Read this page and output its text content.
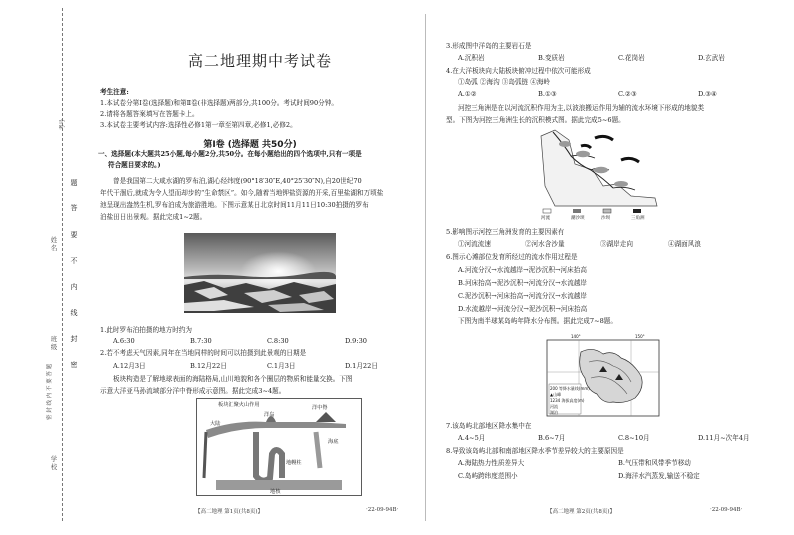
考号
姓名
班级
学校
题
答
要
不
内
线
封
密
密 封 线 内 不 要 答 题
高二地理期中考试卷
考生注意:
1.本试卷分第Ⅰ卷(选择题)和第Ⅱ卷(非选择题)两部分,共100分。考试时间90分钟。
2.请将各题答案填写在答题卡上。
3.本试卷主要考试内容:选择性必修1第一章至第四章,必修1,必修2。
第Ⅰ卷 (选择题 共50分)
一、选择题(本大题共25小题,每小题2分,共50分。在每小题给出的四个选项中,只有一项是
符合题目要求的。)
曾是我国第二大咸水湖的罗布泊,湖心经纬度(90°18′30″E,40°25′30″N),自20世纪70
年代干涸后,就成为令人望而却步的“生命禁区”。如今,随着当地钾盐资源的开采,百里盐湖和万顷盐
池呈现出盎然生机,罗布泊成为旅游胜地。下图示意某日北京时间11月11日10:30拍摄的罗布
泊盐田日出景观。据此完成1~2题。
1.此时罗布泊拍摄的地方时约为
A.6:30	B.7:30	C.8:30	D.9:30
2.若不考虑天气因素,同年在当地同样的时间可以拍摄到此景观的日期是
A.12月3日	B.12月22日	C.1月3日	D.1月22日
板块构造是了解地球表面的海陆格局,山川地貌和各个圈层的物质和能量交换。下图
示意大洋亚马孙流域部分洋中脊形成示意图。据此完成3~4题。
大陆
洋岛
洋中脊
板块汇聚火山作用
地幔柱
地核
海底
【高二地理 第1页(共8页)】	·22-09-94B·
3.形成图中洋岛的主要岩石是
A.沉积岩	B.变质岩	C.花岗岩	D.玄武岩
4.在大洋板块向大陆板块俯冲过程中依次可能形成
①岛弧 ②海沟 ③岛弧链 ④海岭
A.①②	B.①③	C.②③	D.③④
河控三角洲是在以河流沉积作用为主,以波浪搬运作用为辅的流水环境下形成的地貌类
型。下图为河控三角洲生长的沉积模式图。据此完成5~6题。
河流	潮沙坝	沙坝	三角洲
5.影响图示河控三角洲发育的主要因素有
①河流流速	②河水含沙量	③湖岸走向	④湖面风浪
6.图示心滩部位发育所经过的流水作用过程是
A.河流分汉→水流越岸→泥沙沉积→河床抬高
B.河床抬高→泥沙沉积→河流分汉→水流越岸
C.泥沙沉积→河床抬高→河流分汉→水流越岸
D.水流越岸→河流分汉→泥沙沉积→河床抬高
下图为南半球某岛屿年降水分布图。据此完成7~8题。
140°	150°
200 等降水量线(mm)
▲山峰
1234 海拔高度(m)
河流
湖泊
7.该岛屿北部地区降水集中在
A.4~5月	B.6~7月	C.8~10月	D.11月~次年4月
8.导致该岛屿北部和南部地区降水季节差异较大的主要原因是
A.海陆热力性质差异大	B.气压带和风带季节移动
C.岛屿跨纬度范围小	D.海洋水汽蒸发,输送不稳定
【高二地理 第2页(共8页)】	·22-09-94B·
